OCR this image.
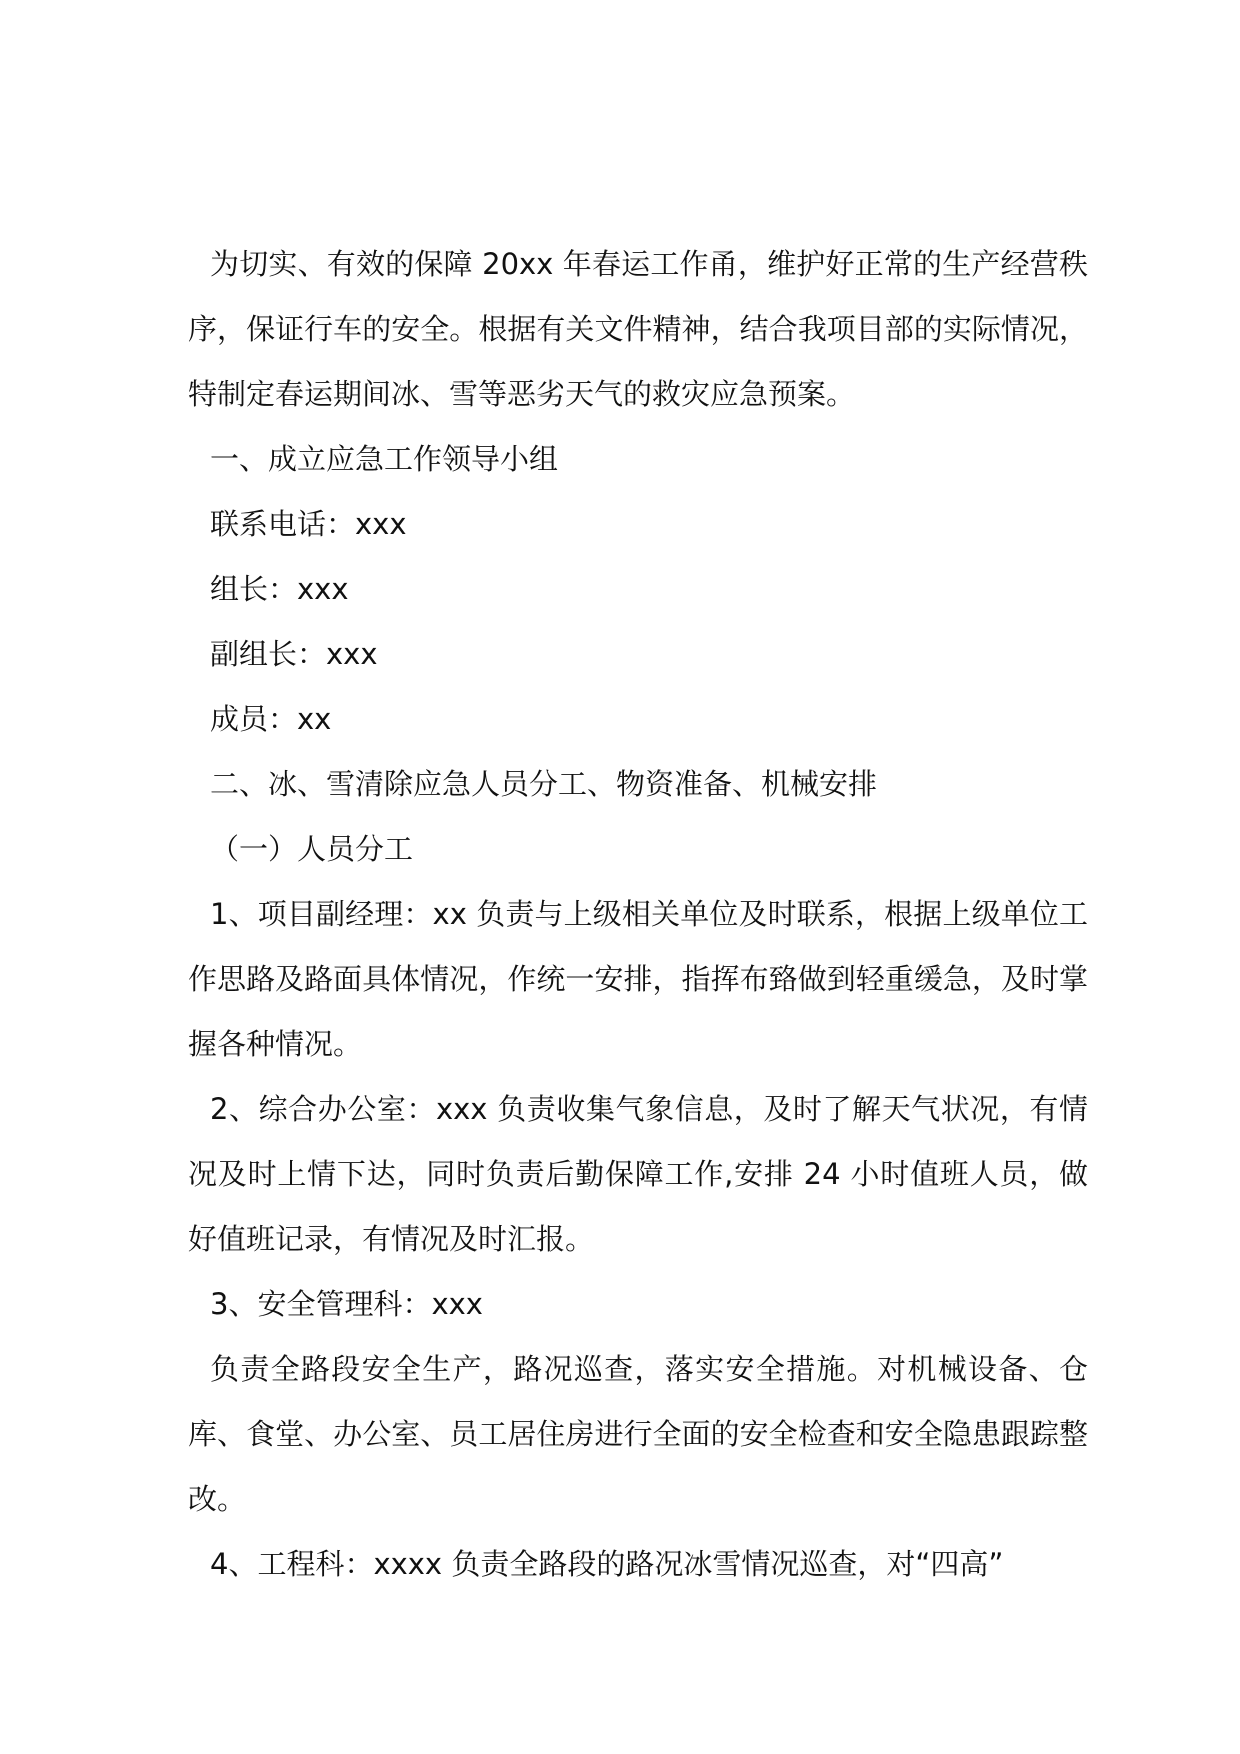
为切实、有效的保障 20xx 年春运工作甬，维护好正常的生产经营秩序，保证行车的安全。根据有关文件精神，结合我项目部的实际情况，特制定春运期间冰、雪等恶劣天气的救灾应急预案。

一、成立应急工作领导小组

联系电话：xxx

组长：xxx

副组长：xxx

成员：xx

二、冰、雪清除应急人员分工、物资准备、机械安排

（一）人员分工

1、项目副经理：xx 负责与上级相关单位及时联系，根据上级单位工作思路及路面具体情况，作统一安排，指挥布臵做到轻重缓急，及时掌握各种情况。

2、综合办公室：xxx 负责收集气象信息，及时了解天气状况，有情况及时上情下达，同时负责后勤保障工作,安排 24 小时值班人员，做好值班记录，有情况及时汇报。

3、安全管理科：xxx

负责全路段安全生产，路况巡查，落实安全措施。对机械设备、仓库、食堂、办公室、员工居住房进行全面的安全检查和安全隐患跟踪整改。

4、工程科：xxxx 负责全路段的路况冰雪情况巡查，对“四高”
